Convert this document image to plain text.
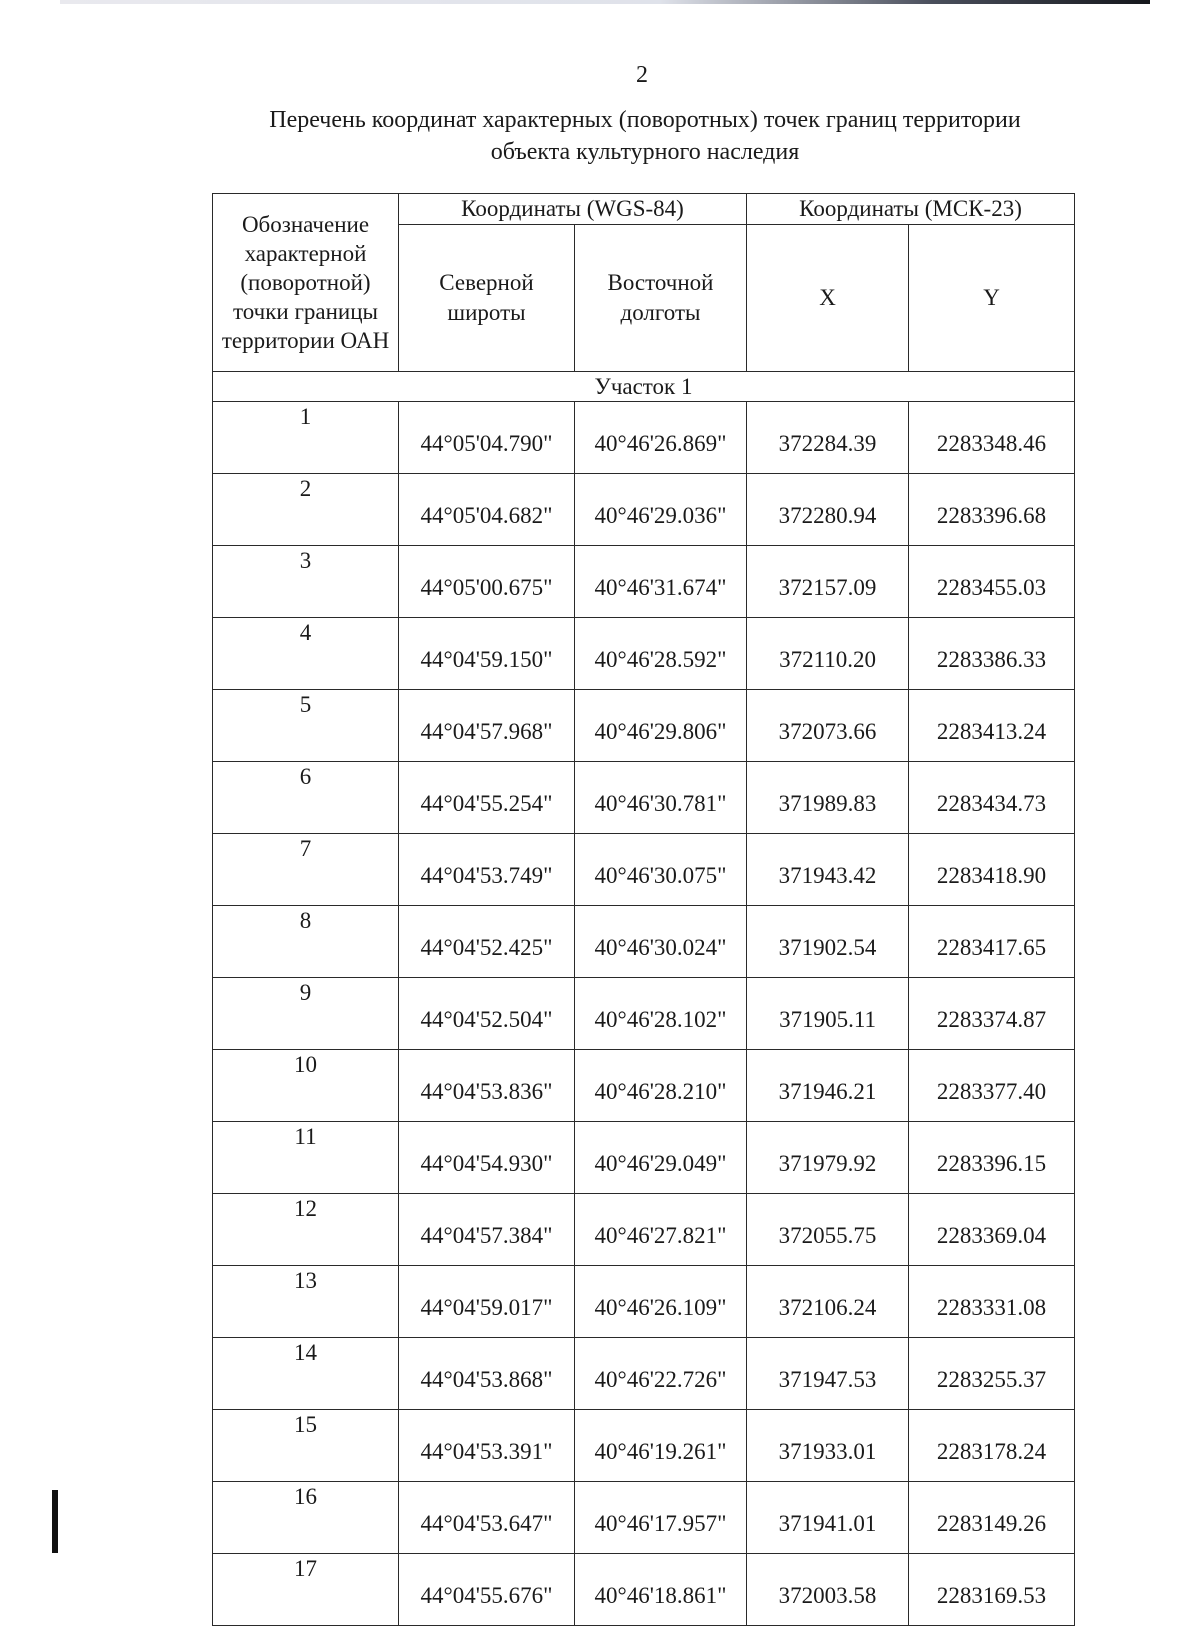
2
Перечень координат характерных (поворотных) точек границ территории
объекта культурного наследия
Обозначение характерной (поворотной) точки границы территории ОАН	Координаты (WGS-84)		Координаты (МСК-23)	
	Северной широты	Восточной долготы	X	Y
Участок 1				
1	44°05'04.790"	40°46'26.869"	372284.39	2283348.46
2	44°05'04.682"	40°46'29.036"	372280.94	2283396.68
3	44°05'00.675"	40°46'31.674"	372157.09	2283455.03
4	44°04'59.150"	40°46'28.592"	372110.20	2283386.33
5	44°04'57.968"	40°46'29.806"	372073.66	2283413.24
6	44°04'55.254"	40°46'30.781"	371989.83	2283434.73
7	44°04'53.749"	40°46'30.075"	371943.42	2283418.90
8	44°04'52.425"	40°46'30.024"	371902.54	2283417.65
9	44°04'52.504"	40°46'28.102"	371905.11	2283374.87
10	44°04'53.836"	40°46'28.210"	371946.21	2283377.40
11	44°04'54.930"	40°46'29.049"	371979.92	2283396.15
12	44°04'57.384"	40°46'27.821"	372055.75	2283369.04
13	44°04'59.017"	40°46'26.109"	372106.24	2283331.08
14	44°04'53.868"	40°46'22.726"	371947.53	2283255.37
15	44°04'53.391"	40°46'19.261"	371933.01	2283178.24
16	44°04'53.647"	40°46'17.957"	371941.01	2283149.26
17	44°04'55.676"	40°46'18.861"	372003.58	2283169.53
